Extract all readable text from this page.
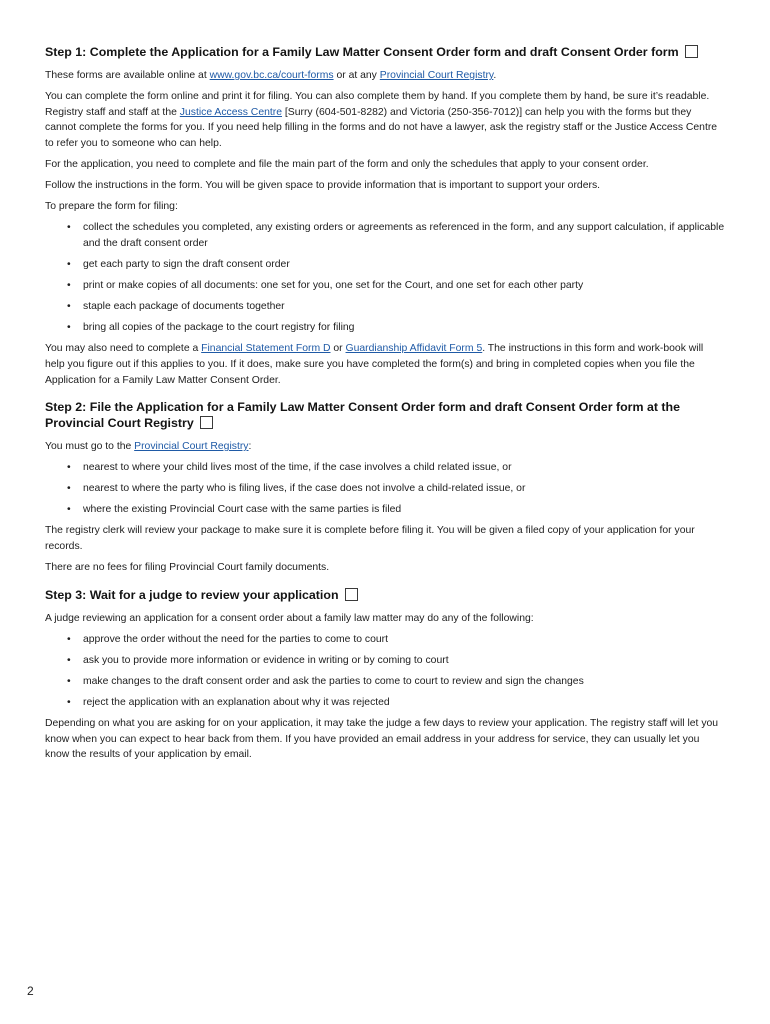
Step 1: Complete the Application for a Family Law Matter Consent Order form and draft Consent Order form

These forms are available online at www.gov.bc.ca/court-forms or at any Provincial Court Registry.

You can complete the form online and print it for filing. You can also complete them by hand. If you complete them by hand, be sure it’s readable. Registry staff and staff at the Justice Access Centre [Surry (604-501-8282) and Victoria (250-356-7012)] can help you with the forms but they cannot complete the forms for you. If you need help filling in the forms and do not have a lawyer, ask the registry staff or the Justice Access Centre to refer you to someone who can help.

For the application, you need to complete and file the main part of the form and only the schedules that apply to your consent order.

Follow the instructions in the form. You will be given space to provide information that is important to support your orders.

To prepare the form for filing:

• collect the schedules you completed, any existing orders or agreements as referenced in the form, and any support calculation, if applicable and the draft consent order
• get each party to sign the draft consent order
• print or make copies of all documents: one set for you, one set for the Court, and one set for each other party
• staple each package of documents together
• bring all copies of the package to the court registry for filing

You may also need to complete a Financial Statement Form D or Guardianship Affidavit Form 5. The instructions in this form and work-book will help you figure out if this applies to you. If it does, make sure you have completed the form(s) and bring in completed copies when you file the Application for a Family Law Matter Consent Order.

Step 2: File the Application for a Family Law Matter Consent Order form and draft Consent Order form at the Provincial Court Registry

You must go to the Provincial Court Registry:

• nearest to where your child lives most of the time, if the case involves a child related issue, or
• nearest to where the party who is filing lives, if the case does not involve a child-related issue, or
• where the existing Provincial Court case with the same parties is filed

The registry clerk will review your package to make sure it is complete before filing it. You will be given a filed copy of your application for your records.

There are no fees for filing Provincial Court family documents.

Step 3: Wait for a judge to review your application

A judge reviewing an application for a consent order about a family law matter may do any of the following:

• approve the order without the need for the parties to come to court
• ask you to provide more information or evidence in writing or by coming to court
• make changes to the draft consent order and ask the parties to come to court to review and sign the changes
• reject the application with an explanation about why it was rejected

Depending on what you are asking for on your application, it may take the judge a few days to review your application. The registry staff will let you know when you can expect to hear back from them. If you have provided an email address in your address for service, they can usually let you know the results of your application by email.

2
